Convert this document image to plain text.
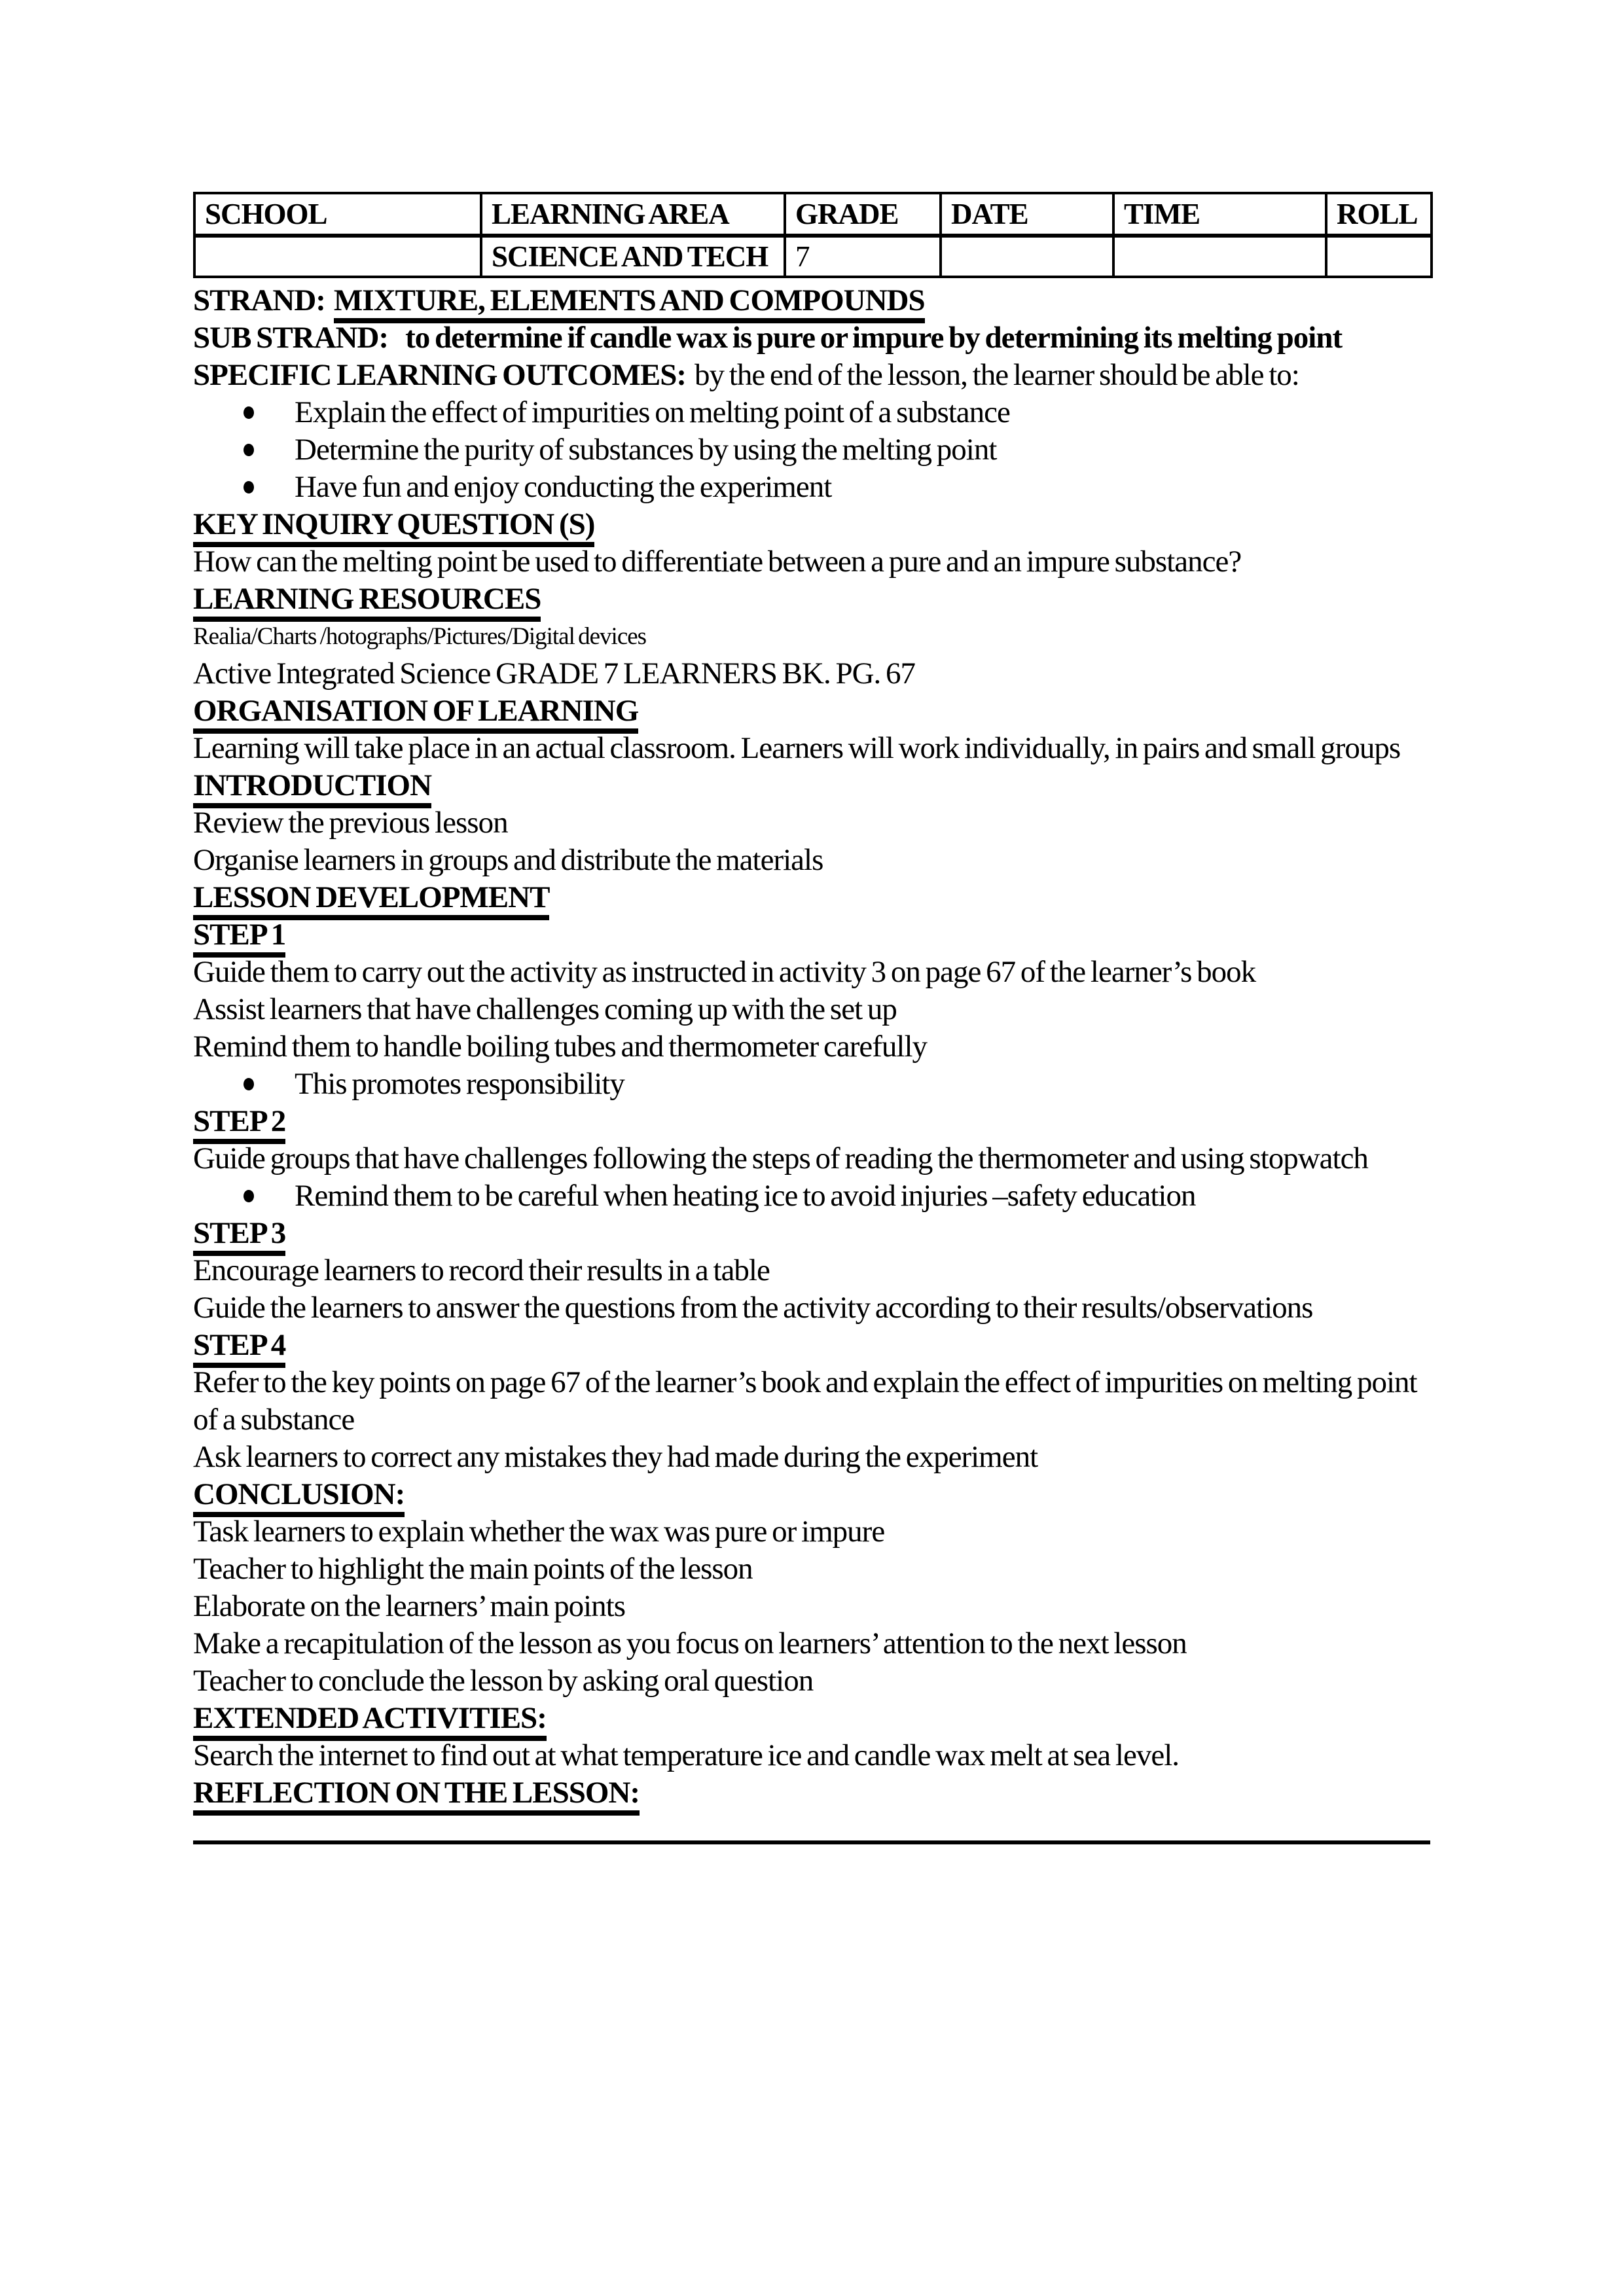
SCHOOL	LEARNING AREA	GRADE	DATE	TIME	ROLL
	SCIENCE AND TECH	7			

STRAND: MIXTURE, ELEMENTS AND COMPOUNDS

SUB STRAND: to determine if candle wax is pure or impure by determining its melting point

SPECIFIC LEARNING OUTCOMES: by the end of the lesson, the learner should be able to:

Explain the effect of impurities on melting point of a substance
Determine the purity of substances by using the melting point
Have fun and enjoy conducting the experiment

KEY INQUIRY QUESTION (S)

How can the melting point be used to differentiate between a pure and an impure substance?

LEARNING RESOURCES

Realia/Charts /hotographs/Pictures/Digital devices

Active Integrated Science GRADE 7 LEARNERS BK. PG. 67

ORGANISATION OF LEARNING

Learning will take place in an actual classroom. Learners will work individually, in pairs and small groups

INTRODUCTION

Review the previous lesson

Organise learners in groups and distribute the materials

LESSON DEVELOPMENT

STEP 1

Guide them to carry out the activity as instructed in activity 3 on page 67 of the learner’s book

Assist learners that have challenges coming up with the set up

Remind them to handle boiling tubes and thermometer carefully

This promotes responsibility

STEP 2

Guide groups that have challenges following the steps of reading the thermometer and using stopwatch

Remind them to be careful when heating ice to avoid injuries –safety education

STEP 3

Encourage learners to record their results in a table

Guide the learners to answer the questions from the activity according to their results/observations

STEP 4

Refer to the key points on page 67 of the learner’s book and explain the effect of impurities on melting point of a substance

Ask learners to correct any mistakes they had made during the experiment

CONCLUSION:

Task learners to explain whether the wax was pure or impure

Teacher to highlight the main points of the lesson

Elaborate on the learners’ main points

Make a recapitulation of the lesson as you focus on learners’ attention to the next lesson

Teacher to conclude the lesson by asking oral question

EXTENDED ACTIVITIES:

Search the internet to find out at what temperature ice and candle wax melt at sea level.

REFLECTION ON THE LESSON:
